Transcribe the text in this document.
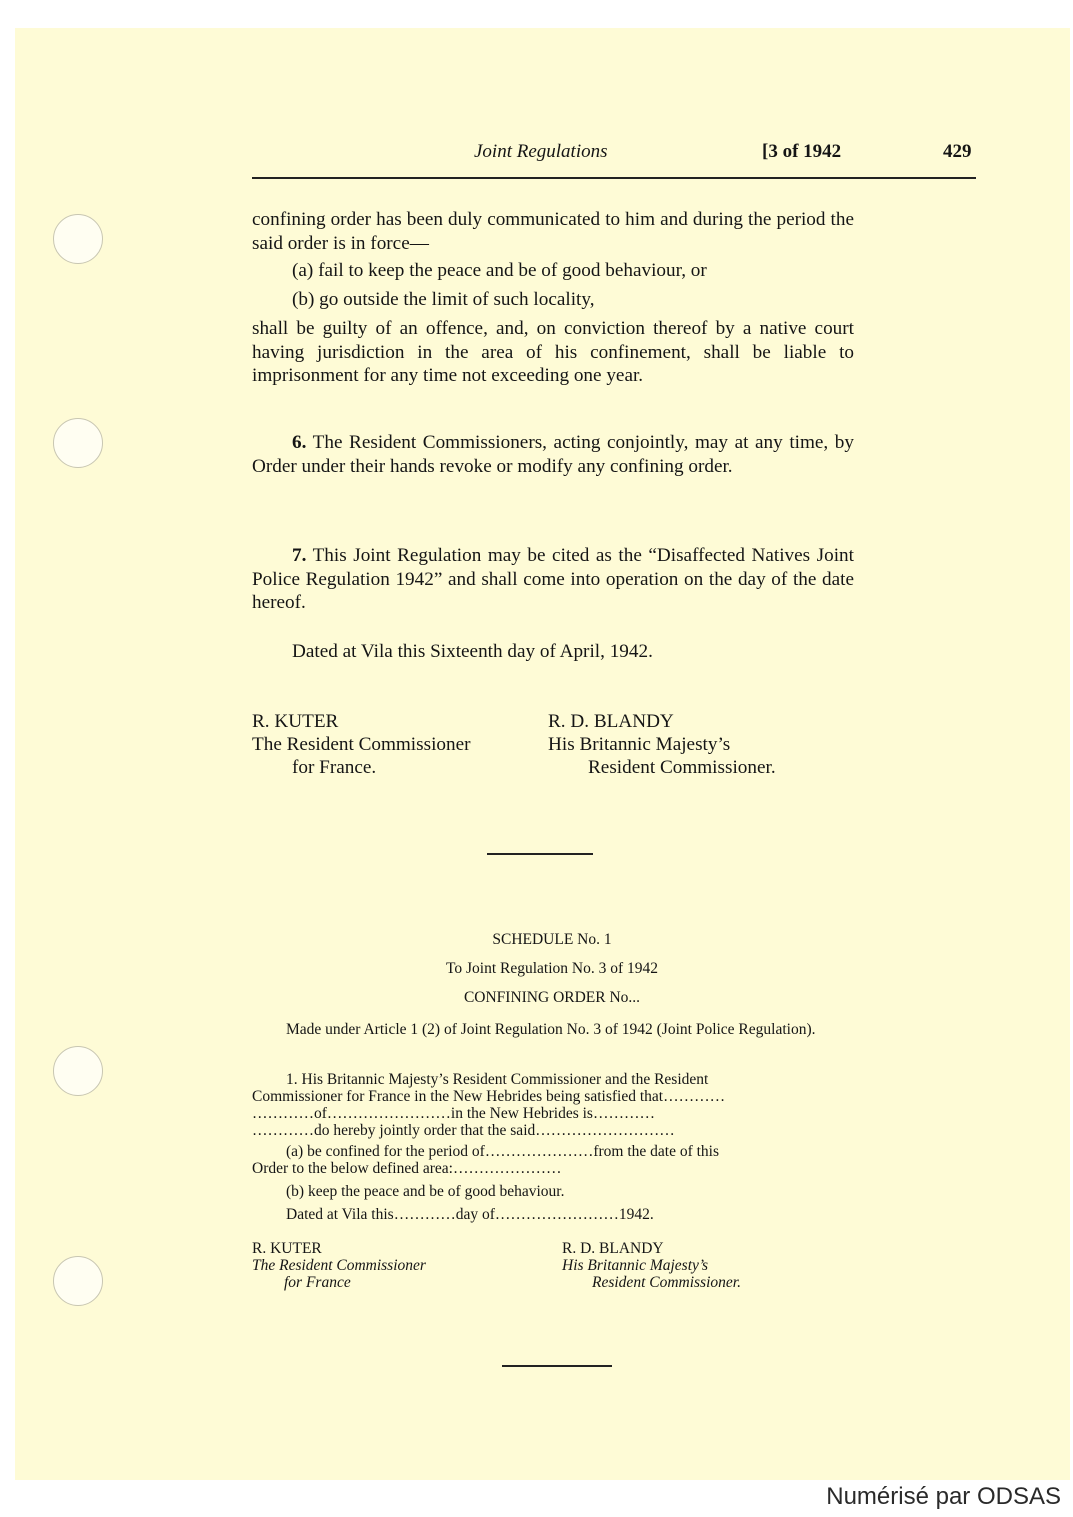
Joint Regulations	[3 of 1942	429
confining order has been duly communicated to him and during the period the said order is in force—
(a) fail to keep the peace and be of good behaviour, or
(b) go outside the limit of such locality,
shall be guilty of an offence, and, on conviction thereof by a native court having jurisdiction in the area of his confinement, shall be liable to imprisonment for any time not exceeding one year.
6. The Resident Commissioners, acting conjointly, may at any time, by Order under their hands revoke or modify any confining order.
7. This Joint Regulation may be cited as the “Disaffected Natives Joint Police Regulation 1942” and shall come into operation on the day of the date hereof.
Dated at Vila this Sixteenth day of April, 1942.
R. KUTER
The Resident Commissioner
for France.
R. D. BLANDY
His Britannic Majesty’s
Resident Commissioner.
SCHEDULE No. 1
To Joint Regulation No. 3 of 1942
CONFINING ORDER No...
Made under Article 1 (2) of Joint Regulation No. 3 of 1942 (Joint Police Regulation).
1. His Britannic Majesty’s Resident Commissioner and the Resident
Commissioner for France in the New Hebrides being satisfied that…………
…………of……………………in the New Hebrides is…………
…………do hereby jointly order that the said………………………
(a) be confined for the period of…………………from the date of this
Order to the below defined area:…………………
(b) keep the peace and be of good behaviour.
Dated at Vila this…………day of……………………1942.
R. KUTER
The Resident Commissioner
for France
R. D. BLANDY
His Britannic Majesty’s
Resident Commissioner.
Numérisé par ODSAS
